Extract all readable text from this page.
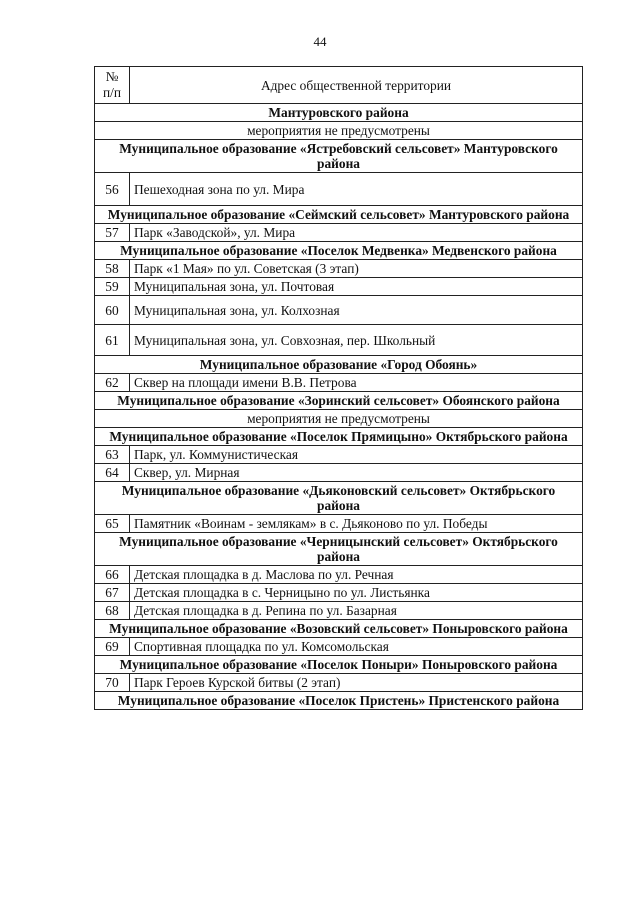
44
№
п/п	Адрес общественной территории
Мантуровского района	
мероприятия не предусмотрены	
Муниципальное образование «Ястребовский сельсовет» Мантуровского района	
56	Пешеходная зона по ул. Мира
Муниципальное образование «Сеймский сельсовет» Мантуровского района	
57	Парк «Заводской», ул. Мира
Муниципальное образование «Поселок Медвенка» Медвенского района	
58	Парк «1 Мая» по ул. Советская (3 этап)
59	Муниципальная зона, ул. Почтовая
60	Муниципальная зона, ул. Колхозная
61	Муниципальная зона, ул. Совхозная, пер. Школьный
Муниципальное образование «Город Обоянь»	
62	Сквер на площади имени В.В. Петрова
Муниципальное образование «Зоринский сельсовет» Обоянского района	
мероприятия не предусмотрены	
Муниципальное образование «Поселок Прямицыно» Октябрьского района	
63	Парк, ул. Коммунистическая
64	Сквер, ул. Мирная
Муниципальное образование «Дьяконовский сельсовет» Октябрьского района	
65	Памятник «Воинам - землякам» в с. Дьяконово по ул. Победы
Муниципальное образование «Черницынский сельсовет» Октябрьского района	
66	Детская площадка в д. Маслова по ул. Речная
67	Детская площадка в с. Черницыно по ул. Листьянка
68	Детская площадка в д. Репина по ул. Базарная
Муниципальное образование «Возовский сельсовет» Поныровского района	
69	Спортивная площадка по ул. Комсомольская
Муниципальное образование «Поселок Поныри» Поныровского района	
70	Парк Героев Курской битвы (2 этап)
Муниципальное образование «Поселок Пристень» Пристенского района	
